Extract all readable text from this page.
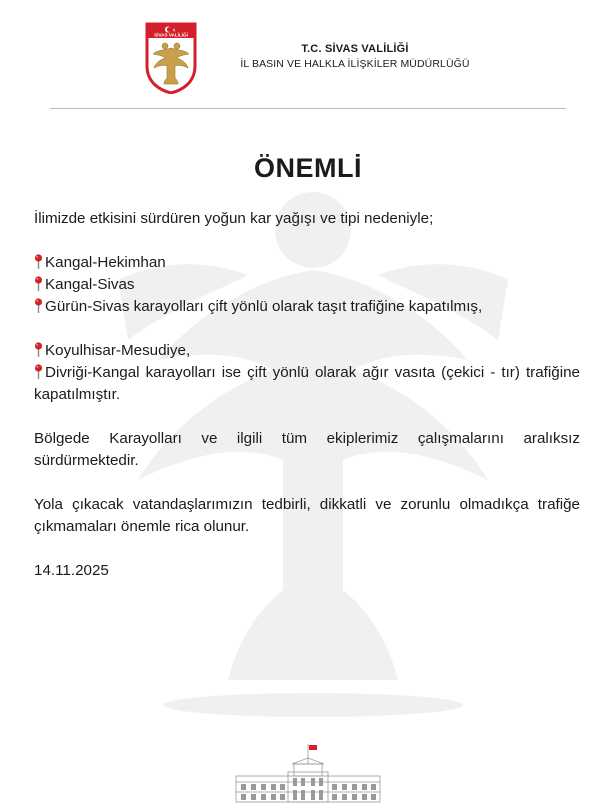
SİVAS VALİLİĞİ
T.C. SİVAS VALİLİĞİ
İL BASIN VE HALKLA İLİŞKİLER MÜDÜRLÜĞÜ
ÖNEMLİ

İlimizde etkisini sürdüren yoğun kar yağışı ve tipi nedeniyle;

Kangal-Hekimhan
Kangal-Sivas
Gürün-Sivas karayolları çift yönlü olarak taşıt trafiğine kapatılmış,
Koyulhisar-Mesudiye,
Divriği-Kangal karayolları ise çift yönlü olarak ağır vasıta (çekici - tır) trafiğine kapatılmıştır.

Bölgede Karayolları ve ilgili tüm ekiplerimiz çalışmalarını aralıksız sürdürmektedir.

Yola çıkacak vatandaşlarımızın tedbirli, dikkatli ve zorunlu olmadıkça trafiğe çıkmamaları önemle rica olunur.

14.11.2025
